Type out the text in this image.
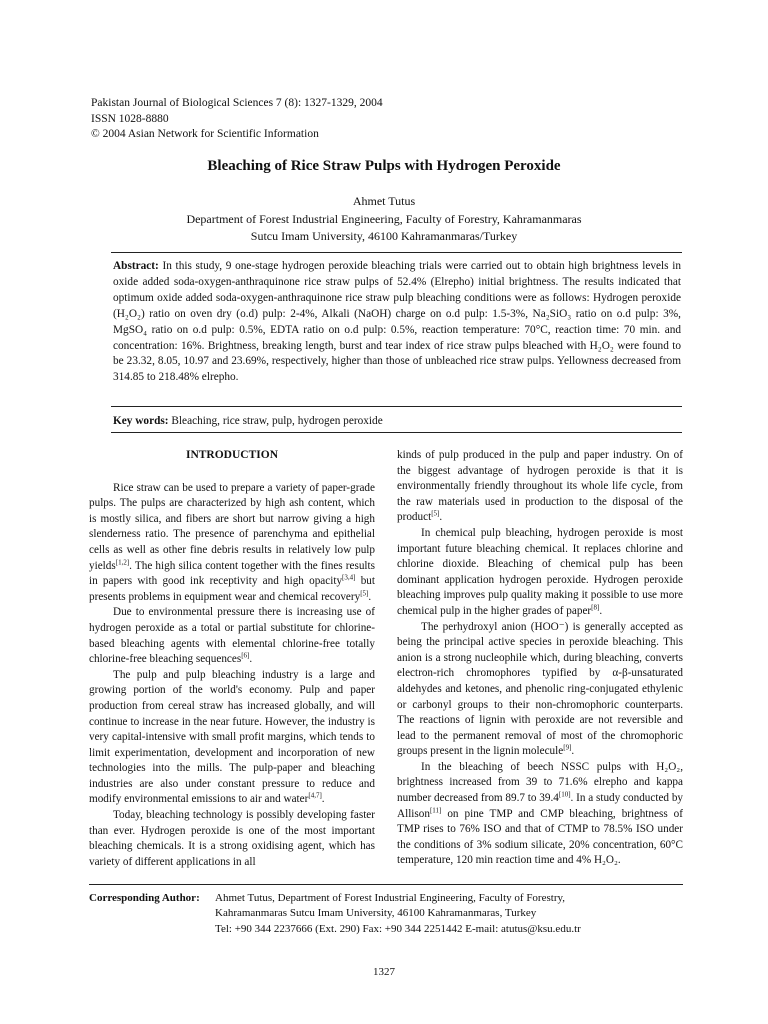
Pakistan Journal of Biological Sciences 7 (8): 1327-1329, 2004
ISSN 1028-8880
© 2004 Asian Network for Scientific Information
Bleaching of Rice Straw Pulps with Hydrogen Peroxide
Ahmet Tutus
Department of Forest Industrial Engineering, Faculty of Forestry, Kahramanmaras
Sutcu Imam University, 46100 Kahramanmaras/Turkey
Abstract: In this study, 9 one-stage hydrogen peroxide bleaching trials were carried out to obtain high brightness levels in oxide added soda-oxygen-anthraquinone rice straw pulps of 52.4% (Elrepho) initial brightness. The results indicated that optimum oxide added soda-oxygen-anthraquinone rice straw pulp bleaching conditions were as follows: Hydrogen peroxide (H₂O₂) ratio on oven dry (o.d) pulp: 2-4%, Alkali (NaOH) charge on o.d pulp: 1.5-3%, Na₂SiO₃ ratio on o.d pulp: 3%, MgSO₄ ratio on o.d pulp: 0.5%, EDTA ratio on o.d pulp: 0.5%, reaction temperature: 70°C, reaction time: 70 min. and concentration: 16%. Brightness, breaking length, burst and tear index of rice straw pulps bleached with H₂O₂ were found to be 23.32, 8.05, 10.97 and 23.69%, respectively, higher than those of unbleached rice straw pulps. Yellowness decreased from 314.85 to 218.48% elrepho.
Key words: Bleaching, rice straw, pulp, hydrogen peroxide
INTRODUCTION

Rice straw can be used to prepare a variety of paper-grade pulps. The pulps are characterized by high ash content, which is mostly silica, and fibers are short but narrow giving a high slenderness ratio. The presence of parenchyma and epithelial cells as well as other fine debris results in relatively low pulp yields[1,2]. The high silica content together with the fines results in papers with good ink receptivity and high opacity[3,4] but presents problems in equipment wear and chemical recovery[5].

Due to environmental pressure there is increasing use of hydrogen peroxide as a total or partial substitute for chlorine-based bleaching agents with elemental chlorine-free totally chlorine-free bleaching sequences[6].

The pulp and pulp bleaching industry is a large and growing portion of the world's economy. Pulp and paper production from cereal straw has increased globally, and will continue to increase in the near future. However, the industry is very capital-intensive with small profit margins, which tends to limit experimentation, development and incorporation of new technologies into the mills. The pulp-paper and bleaching industries are also under constant pressure to reduce and modify environmental emissions to air and water[4,7].

Today, bleaching technology is possibly developing faster than ever. Hydrogen peroxide is one of the most important bleaching chemicals. It is a strong oxidising agent, which has variety of different applications in all

kinds of pulp produced in the pulp and paper industry. On of the biggest advantage of hydrogen peroxide is that it is environmentally friendly throughout its whole life cycle, from the raw materials used in production to the disposal of the product[5].

In chemical pulp bleaching, hydrogen peroxide is most important future bleaching chemical. It replaces chlorine and chlorine dioxide. Bleaching of chemical pulp has been dominant application hydrogen peroxide. Hydrogen peroxide bleaching improves pulp quality making it possible to use more chemical pulp in the higher grades of paper[8].

The perhydroxyl anion (HOO⁻) is generally accepted as being the principal active species in peroxide bleaching. This anion is a strong nucleophile which, during bleaching, converts electron-rich chromophores typified by α-β-unsaturated aldehydes and ketones, and phenolic ring-conjugated ethylenic or carbonyl groups to their non-chromophoric counterparts. The reactions of lignin with peroxide are not reversible and lead to the permanent removal of most of the chromophoric groups present in the lignin molecule[9].

In the bleaching of beech NSSC pulps with H₂O₂, brightness increased from 39 to 71.6% elrepho and kappa number decreased from 89.7 to 39.4[10]. In a study conducted by Allison[11] on pine TMP and CMP bleaching, brightness of TMP rises to 76% ISO and that of CTMP to 78.5% ISO under the conditions of 3% sodium silicate, 20% concentration, 60°C temperature, 120 min reaction time and 4% H₂O₂.

Corresponding Author: Ahmet Tutus, Department of Forest Industrial Engineering, Faculty of Forestry,
Kahramanmaras Sutcu Imam University, 46100 Kahramanmaras, Turkey
Tel: +90 344 2237666 (Ext. 290) Fax: +90 344 2251442 E-mail: atutus@ksu.edu.tr
1327
